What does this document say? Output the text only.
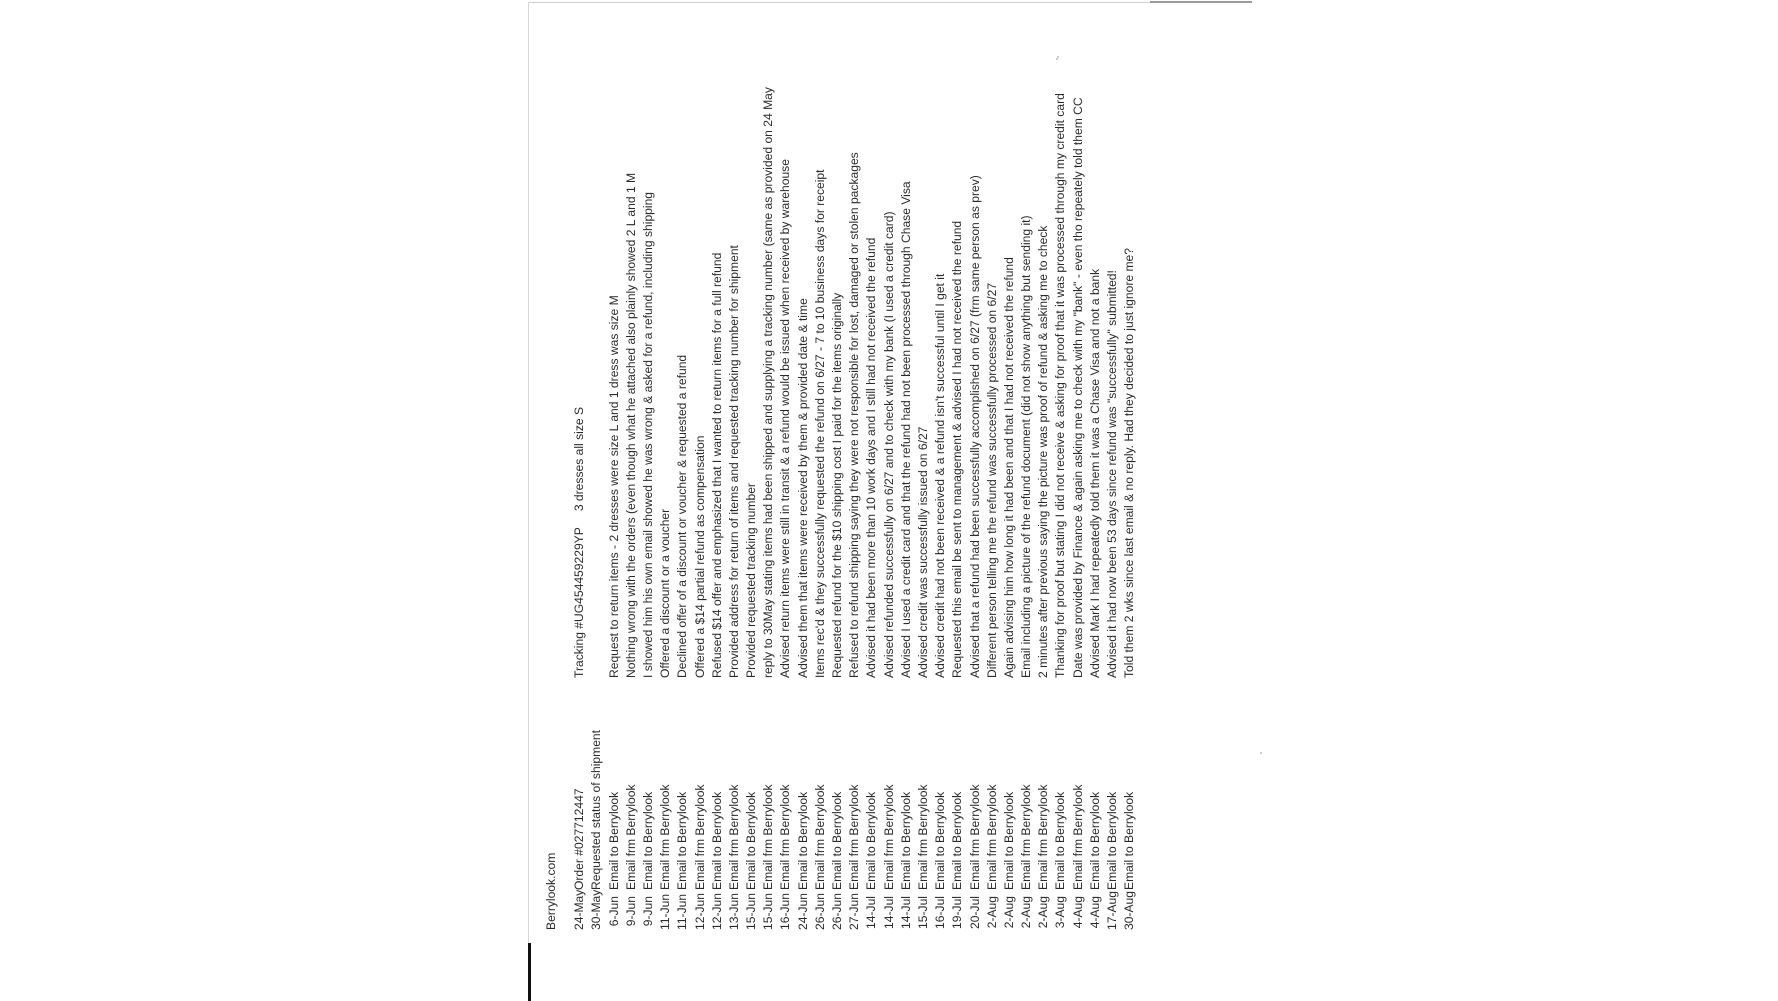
Berrylook.com 24-May
Order #027712447
Tracking #UG454459229YP
3 dresses all size S
30-May
Requested status of shipment
6-Jun
Email to Berrylook
Request to return items - 2 dresses were size L and 1 dress was size M
9-Jun
Email frm Berrylook
Nothing wrong with the orders (even though what he attached also plainly showed 2 L and 1 M
9-Jun
Email to Berrylook
I showed him his own email showed he was wrong & asked for a refund, including shipping
11-Jun
Email frm Berrylook
Offered a discount or a voucher
11-Jun
Email to Berrylook
Declined offer of a discount or voucher & requested a refund
12-Jun
Email frm Berrylook
Offered a $14 partial refund as compensation
12-Jun
Email to Berrylook
Refused $14 offer and emphasized that I wanted to return items for a full refund
13-Jun
Email frm Berrylook
Provided address for return of items and requested tracking number for shipment
15-Jun
Email to Berrylook
Provided requested tracking number
15-Jun
Email frm Berrylook
reply to 30May stating items had been shipped and supplying a tracking number (same as provided on 24 May
16-Jun
Email frm Berrylook
Advised return items were still in transit & a refund would be issued when received by warehouse
24-Jun
Email to Berrylook
Advised them that items were received by them & provided date & time
26-Jun
Email frm Berrylook
Items rec'd & they successfully requested the refund on 6/27 - 7 to 10 business days for receipt
26-Jun
Email to Berrylook
Requested refund for the $10 shipping cost I paid for the items originally
27-Jun
Email frm Berrylook
Refused to refund shipping saying they were not responsible for lost, damaged or stolen packages
14-Jul
Email to Berrylook
Advised it had been more than 10 work days and I still had not received the refund
14-Jul
Email frm Berrylook
Advised refunded successfully on 6/27 and to check with my bank (I used a credit card)
14-Jul
Email to Berrylook
Advised I used a credit card and that the refund had not been processed through Chase Visa
15-Jul
Email frm Berrylook
Advised credit was successfully issued on 6/27
16-Jul
Email to Berrylook
Advised credit had not been received & a refund isn't successful until I get it
19-Jul
Email to Berrylook
Requested this email be sent to management & advised I had not received the refund
20-Jul
Email frm Berrylook
Advised that a refund had been successfully accomplished on 6/27 (frm same person as prev)
2-Aug
Email frm Berrylook
Different person telling me the refund was successfully processed on 6/27
2-Aug
Email to Berrylook
Again advising him how long it had been and that I had not received the refund
2-Aug
Email frm Berrylook
Email including a picture of the refund document (did not show anything but sending it)
2-Aug
Email frm Berrylook
2 minutes after previous saying the picture was proof of refund & asking me to check
3-Aug
Email to Berrylook
Thanking for proof but stating I did not receive & asking for proof that it was processed through my credit card
4-Aug
Email frm Berrylook
Date was provided by Finance & again asking me to check with my "bank" - even tho repeately told them CC
4-Aug
Email to Berrylook
Advised Mark I had repeatedly told them it was a Chase Visa and not a bank
17-Aug
Email to Berrylook
Advised it had now been 53 days since refund was "successfully" submitted!
30-Aug
Email to Berrylook
Told them 2 wks since last email & no reply. Had they decided to just ignore me?
